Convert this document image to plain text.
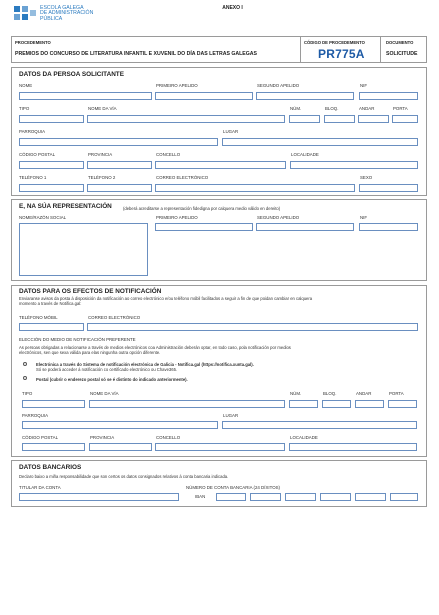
ESCOLA GALEGA
DE ADMINISTRACIÓN
PÚBLICA
ANEXO I
PROCEDEMENTO
PREMIOS DO CONCURSO DE LITERATURA INFANTIL E XUVENIL DO DÍA DAS LETRAS GALEGAS
CÓDIGO DE PROCEDEMENTO
PR775A
DOCUMENTO
SOLICITUDE
DATOS DA PERSOA SOLICITANTE
NOME	PRIMEIRO APELIDO	SEGUNDO APELIDO	NIF
TIPO	NOME DA VÍA	NÚM.	BLOQ.	ANDAR	PORTA
PARROQUIA	LUGAR
CÓDIGO POSTAL	PROVINCIA	CONCELLO	LOCALIDADE
TELÉFONO 1	TELÉFONO 2	CORREO ELECTRÓNICO	SEXO
E, NA SÚA REPRESENTACIÓN	(deberá acreditarse a representación fidedigna por calquera medio válido en dereito)
NOME/RAZÓN SOCIAL	PRIMEIRO APELIDO	SEGUNDO APELIDO	NIF
DATOS PARA OS EFECTOS DE NOTIFICACIÓN
Enviaranse avisos da posta á disposición da notificación ao correo electrónico e/ou teléfono móbil facilitados a seguir a fin de que poidan cambiar en calquera
momento a través de Notifica.gal:
TELÉFONO MÓBIL	CORREO ELECTRÓNICO
ELECCIÓN DO MEDIO DE NOTIFICACIÓN PREFERENTE
As persoas obrigadas a relacionarse a través de medios electrónicos coa Administración deberán optar, en todo caso, pola notificación por medios
electrónicos, sen que sexa válida para elas ningunha outra opción diferente.
Electrónica a través do Sistema de notificación electrónica de Galicia - Notifica.gal (https://notifica.xunta.gal).
Só se poderá acceder á notificación co certificado electrónico ou Chave365.
Postal (cubrir o enderezo postal só se é distinto do indicado anteriormente).
TIPO	NOME DA VÍA	NÚM.	BLOQ.	ANDAR	PORTA
PARROQUIA	LUGAR
CÓDIGO POSTAL	PROVINCIA	CONCELLO	LOCALIDADE
DATOS BANCARIOS
Declaro baixo a miña responsabilidade que son certos os datos consignados relativos á conta bancaria indicada.
TITULAR DA CONTA	NÚMERO DE CONTA BANCARIA (24 DÍXITOS)
IBAN
